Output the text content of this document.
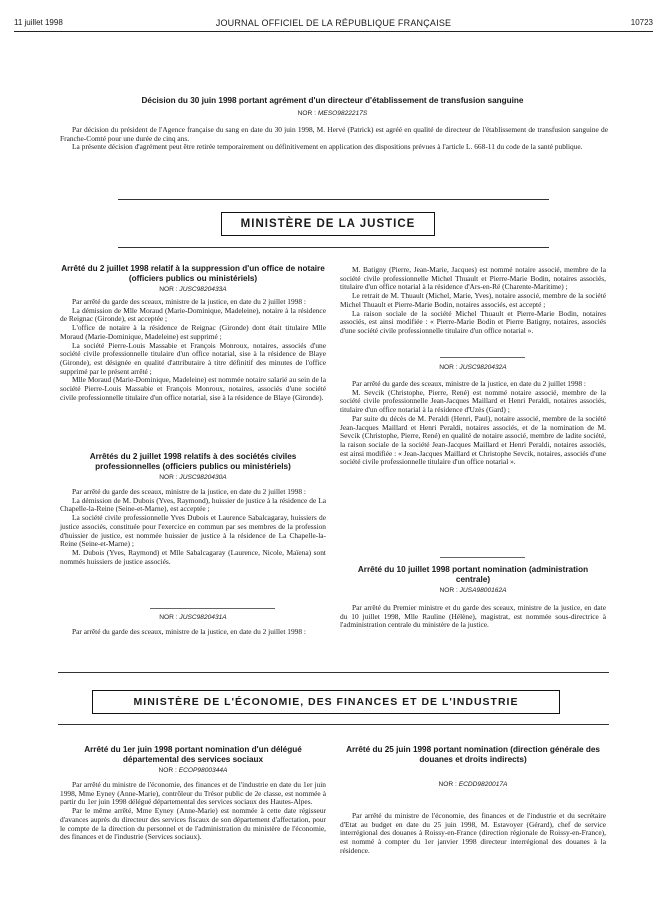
11 juillet 1998	JOURNAL OFFICIEL DE LA RÉPUBLIQUE FRANÇAISE	10723
Décision du 30 juin 1998 portant agrément d'un directeur d'établissement de transfusion sanguine
NOR : MESO9822217S

Par décision du président de l'Agence française du sang en date du 30 juin 1998, M. Hervé (Patrick) est agréé en qualité de directeur de l'établissement de transfusion sanguine de Franche-Comté pour une durée de cinq ans.

La présente décision d'agrément peut être retirée temporairement ou définitivement en application des dispositions prévues à l'article L. 668-11 du code de la santé publique.

MINISTÈRE DE LA JUSTICE
Arrêté du 2 juillet 1998 relatif à la suppression d'un office de notaire (officiers publics ou ministériels)
NOR : JUSC9820433A

Par arrêté du garde des sceaux, ministre de la justice, en date du 2 juillet 1998 :

La démission de Mlle Moraud (Marie-Dominique, Madeleine), notaire à la résidence de Reignac (Gironde), est acceptée ;

L'office de notaire à la résidence de Reignac (Gironde) dont était titulaire Mlle Moraud (Marie-Dominique, Madeleine) est supprimé ;

La société Pierre-Louis Massabie et François Monroux, notaires, associés d'une société civile professionnelle titulaire d'un office notarial, sise à la résidence de Blaye (Gironde), est désignée en qualité d'attributaire à titre définitif des minutes de l'office supprimé par le présent arrêté ;

Mlle Moraud (Marie-Dominique, Madeleine) est nommée notaire salarié au sein de la société Pierre-Louis Massabie et François Monroux, notaires, associés d'une société civile professionnelle titulaire d'un office notarial, sise à la résidence de Blaye (Gironde).

Arrêtés du 2 juillet 1998 relatifs à des sociétés civiles professionnelles (officiers publics ou ministériels)
NOR : JUSC9820430A

Par arrêté du garde des sceaux, ministre de la justice, en date du 2 juillet 1998 :

La démission de M. Dubois (Yves, Raymond), huissier de justice à la résidence de La Chapelle-la-Reine (Seine-et-Marne), est acceptée ;

La société civile professionnelle Yves Dubois et Laurence Sabalcagaray, huissiers de justice associés, constituée pour l'exercice en commun par ses membres de la profession d'huissier de justice, est nommée huissier de justice à la résidence de La Chapelle-la-Reine (Seine-et-Marne) ;

M. Dubois (Yves, Raymond) et Mlle Sabalcagaray (Laurence, Nicole, Maïena) sont nommés huissiers de justice associés.

NOR : JUSC9820431A

Par arrêté du garde des sceaux, ministre de la justice, en date du 2 juillet 1998 :

M. Batigny (Pierre, Jean-Marie, Jacques) est nommé notaire associé, membre de la société civile professionnelle Michel Thuault et Pierre-Marie Bodin, notaires associés, titulaire d'un office notarial à la résidence d'Ars-en-Ré (Charente-Maritime) ;

Le retrait de M. Thuault (Michel, Marie, Yves), notaire associé, membre de la société Michel Thuault et Pierre-Marie Bodin, notaires associés, est accepté ;

La raison sociale de la société Michel Thuault et Pierre-Marie Bodin, notaires associés, est ainsi modifiée : « Pierre-Marie Bodin et Pierre Batigny, notaires, associés d'une société civile professionnelle titulaire d'un office notarial ».

NOR : JUSC9820432A

Par arrêté du garde des sceaux, ministre de la justice, en date du 2 juillet 1998 :

M. Sevcik (Christophe, Pierre, René) est nommé notaire associé, membre de la société civile professionnelle Jean-Jacques Maillard et Henri Peraldi, notaires associés, titulaire d'un office notarial à la résidence d'Uzès (Gard) ;

Par suite du décès de M. Peraldi (Henri, Paul), notaire associé, membre de la société Jean-Jacques Maillard et Henri Peraldi, notaires associés, et de la nomination de M. Sevcik (Christophe, Pierre, René) en qualité de notaire associé, membre de ladite société, la raison sociale de la société Jean-Jacques Maillard et Henri Peraldi, notaires associés, est ainsi modifiée : « Jean-Jacques Maillard et Christophe Sevcik, notaires, associés d'une société civile professionnelle titulaire d'un office notarial ».

Arrêté du 10 juillet 1998 portant nomination (administration centrale)
NOR : JUSA9800162A

Par arrêté du Premier ministre et du garde des sceaux, ministre de la justice, en date du 10 juillet 1998, Mlle Rauline (Hélène), magistrat, est nommée sous-directrice à l'administration centrale du ministère de la justice.

MINISTÈRE DE L'ÉCONOMIE, DES FINANCES ET DE L'INDUSTRIE
Arrêté du 1er juin 1998 portant nomination d'un délégué départemental des services sociaux
NOR : ECOP9800344A

Par arrêté du ministre de l'économie, des finances et de l'industrie en date du 1er juin 1998, Mme Eyney (Anne-Marie), contrôleur du Trésor public de 2e classe, est nommée à partir du 1er juin 1998 délégué départemental des services sociaux des Hautes-Alpes.

Par le même arrêté, Mme Eyney (Anne-Marie) est nommée à cette date régisseur d'avances auprès du directeur des services fiscaux de son département d'affectation, pour le compte de la direction du personnel et de l'administration du ministère de l'économie, des finances et de l'industrie (Services sociaux).

Arrêté du 25 juin 1998 portant nomination (direction générale des douanes et droits indirects)
NOR : ECDD9820017A

Par arrêté du ministre de l'économie, des finances et de l'industrie et du secrétaire d'Etat au budget en date du 25 juin 1998, M. Estavoyer (Gérard), chef de service interrégional des douanes à Roissy-en-France (direction régionale de Roissy-en-France), est nommé à compter du 1er janvier 1998 directeur interrégional des douanes à la résidence.
